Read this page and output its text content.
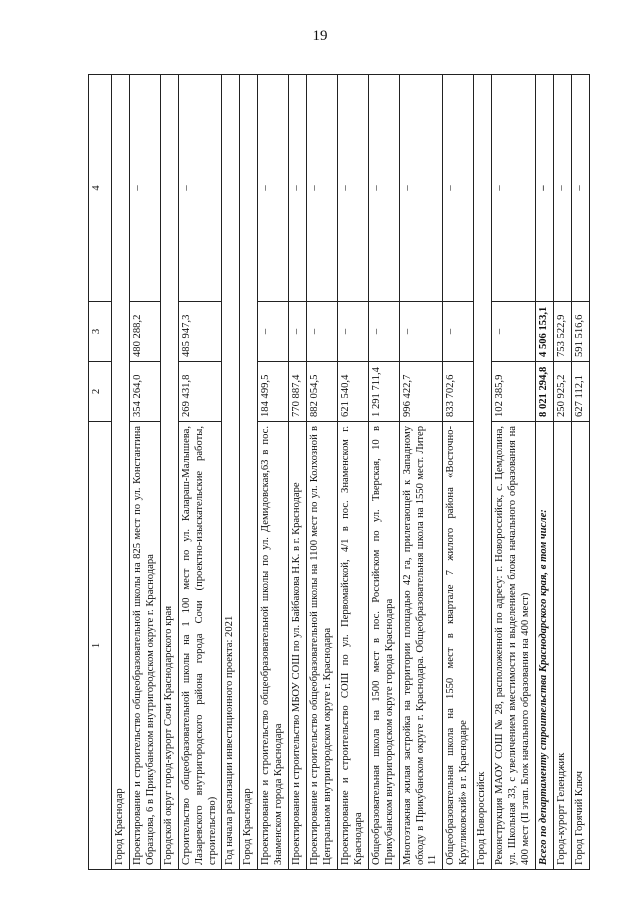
19
1	2	3	4
Город Краснодар			
Проектирование и строительство общеобразовательной школы на 825 мест по ул. Константина Образцова, 6 в Прикубанском внутригородском округе г. Краснодара	354 264,0	480 288,2	–
Городской округ город-курорт Сочи Краснодарского края			
Строительство общеобразовательной школы на 1 100 мест по ул. Калараш-Малышева, Лазаревского внутригородского района города Сочи (проектно-изыскательские работы, строительство)	269 431,8	485 947,3	–
Год начала реализации инвестиционного проекта: 2021			
Город Краснодар			
Проектирование и строительство общеобразовательной школы по ул. Демидовская,63 в пос. Знаменском города Краснодара	184 499,5	–	–
Проектирование и строительство МБОУ СОШ по ул. Байбакова Н.К. в г. Краснодаре	770 887,4	–	–
Проектирование и строительство общеобразовательной школы на 1100 мест по ул. Колхозной в Центральном внутригородском округе г. Краснодара	882 054,5	–	–
Проектирование и строительство СОШ по ул. Первомайской, 4/1 в пос. Знаменском г. Краснодара	621 540,4	–	–
Общеобразовательная школа на 1500 мест в пос. Российском по ул. Тверская, 10 в Прикубанском внутригородском округе города Краснодара	1 291 711,4	–	–
Многоэтажная жилая застройка на территории площадью 42 га, прилегающей к Западному обходу в Прикубанском округе г. Краснодара. Общеобразовательная школа на 1550 мест. Литер 11	996 422,7	–	–
Общеобразовательная школа на 1550 мест в квартале 7 жилого района «Восточно-Кругликовский» в г. Краснодаре	833 702,6	–	–
Город Новороссийск			
Реконструкция МАОУ СОШ № 28, расположенной по адресу: г. Новороссийск, с. Цемдолина, ул. Школьная 33, с увеличением вместимости и выделением блока начального образования на 400 мест (II этап. Блок начального образования на 400 мест)	102 385,9	–	–
Всего по департаменту строительства Краснодарского края, в том числе:	8 021 294,8	4 506 153,1	–
Город-курорт Геленджик	250 925,2	753 522,9	–
Город Горячий Ключ	627 112,1	591 516,6	–
